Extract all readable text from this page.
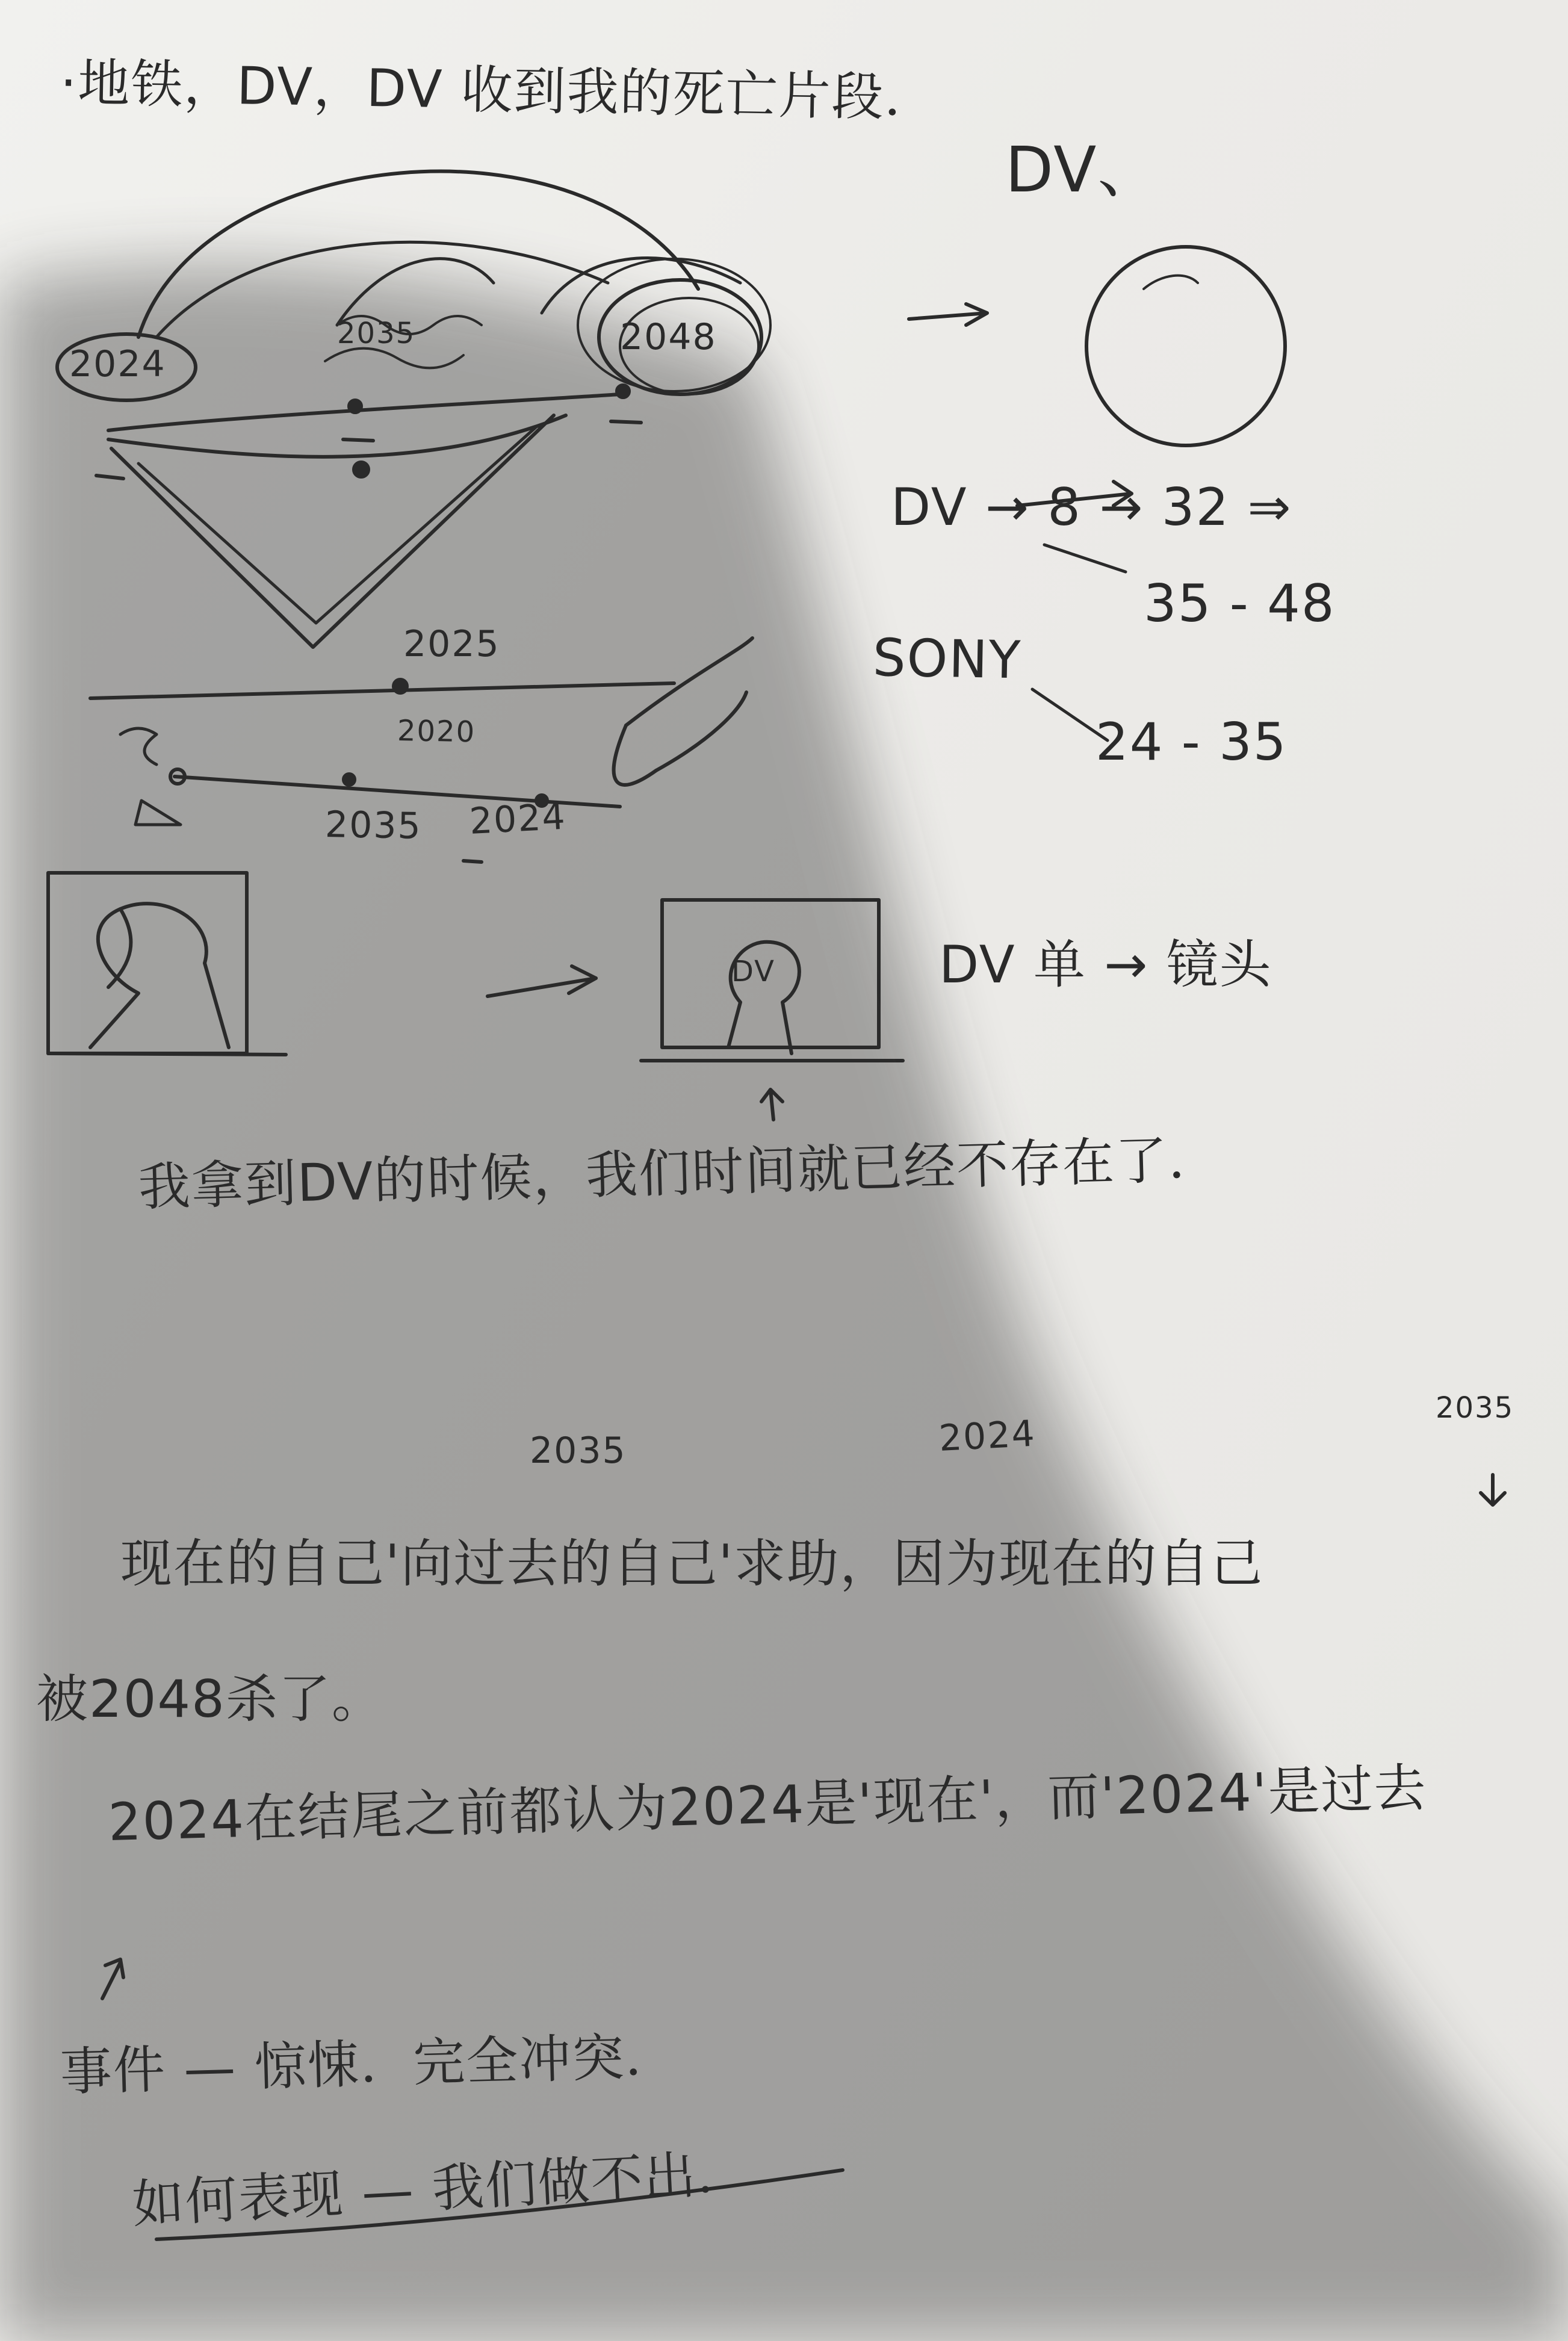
·地铁，DV，DV 收到我的死亡片段．
DV、
2024
2035	2048
DV → 8 → 32 ⇒
35 - 48
SONY
24 - 35
2025
2020
2035 2024
DV	DV 单 → 镜头
我拿到DV的时候，我们时间就已经不存在了．
2035	2024
2035
现在的自己'向过去的自己'求助，因为现在的自己
被2048杀了。
2024在结尾之前都认为2024是'现在'，而'2024'是过去
事件 — 惊悚．完全冲突．
如何表现 — 我们做不出．
